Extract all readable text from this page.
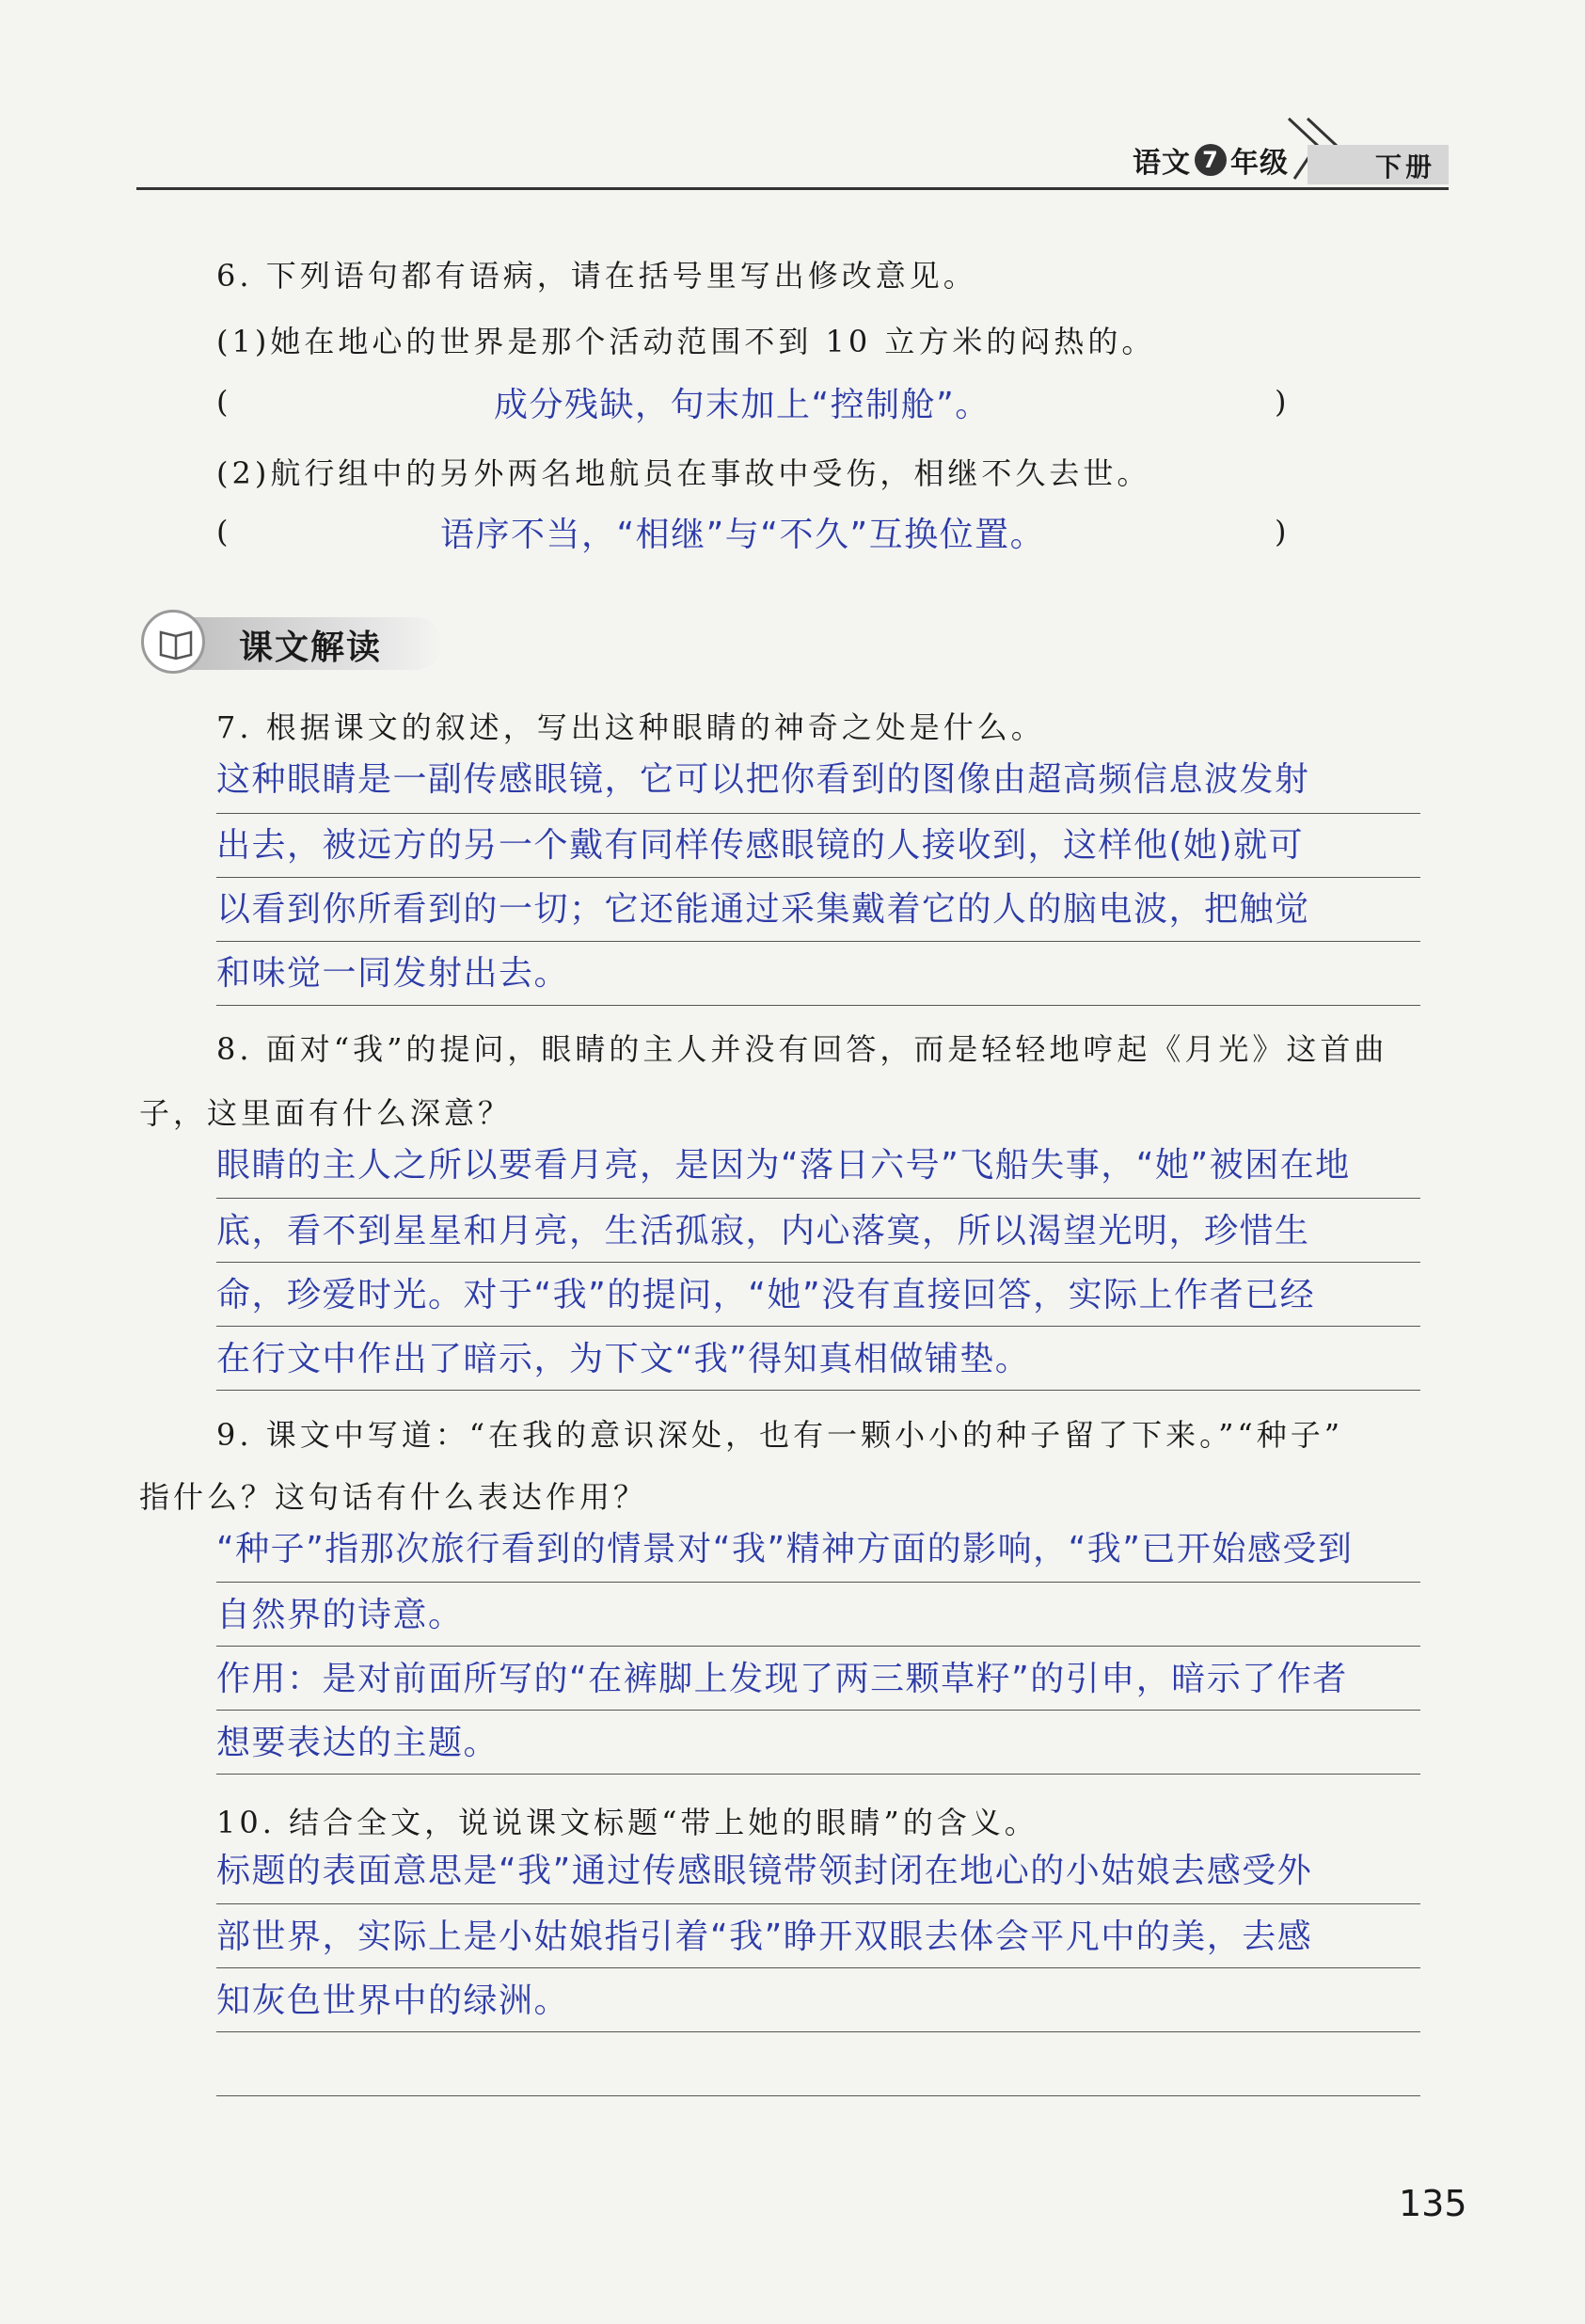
语文 7 年级	下册
6. 下列语句都有语病，请在括号里写出修改意见。
(1)她在地心的世界是那个活动范围不到 10 立方米的闷热的。
(	成分残缺，句末加上“控制舱”。	)
(2)航行组中的另外两名地航员在事故中受伤，相继不久去世。
(	语序不当，“相继”与“不久”互换位置。	)
课文解读
7. 根据课文的叙述，写出这种眼睛的神奇之处是什么。
这种眼睛是一副传感眼镜，它可以把你看到的图像由超高频信息波发射
出去，被远方的另一个戴有同样传感眼镜的人接收到，这样他(她)就可
以看到你所看到的一切；它还能通过采集戴着它的人的脑电波，把触觉
和味觉一同发射出去。
8. 面对“我”的提问，眼睛的主人并没有回答，而是轻轻地哼起《月光》这首曲
子，这里面有什么深意？
眼睛的主人之所以要看月亮，是因为“落日六号”飞船失事，“她”被困在地
底，看不到星星和月亮，生活孤寂，内心落寞，所以渴望光明，珍惜生
命，珍爱时光。对于“我”的提问，“她”没有直接回答，实际上作者已经
在行文中作出了暗示，为下文“我”得知真相做铺垫。
9. 课文中写道：“在我的意识深处，也有一颗小小的种子留了下来。”“种子”
指什么？这句话有什么表达作用？
“种子”指那次旅行看到的情景对“我”精神方面的影响，“我”已开始感受到
自然界的诗意。
作用：是对前面所写的“在裤脚上发现了两三颗草籽”的引申，暗示了作者
想要表达的主题。
10. 结合全文，说说课文标题“带上她的眼睛”的含义。
标题的表面意思是“我”通过传感眼镜带领封闭在地心的小姑娘去感受外
部世界，实际上是小姑娘指引着“我”睁开双眼去体会平凡中的美，去感
知灰色世界中的绿洲。
135
